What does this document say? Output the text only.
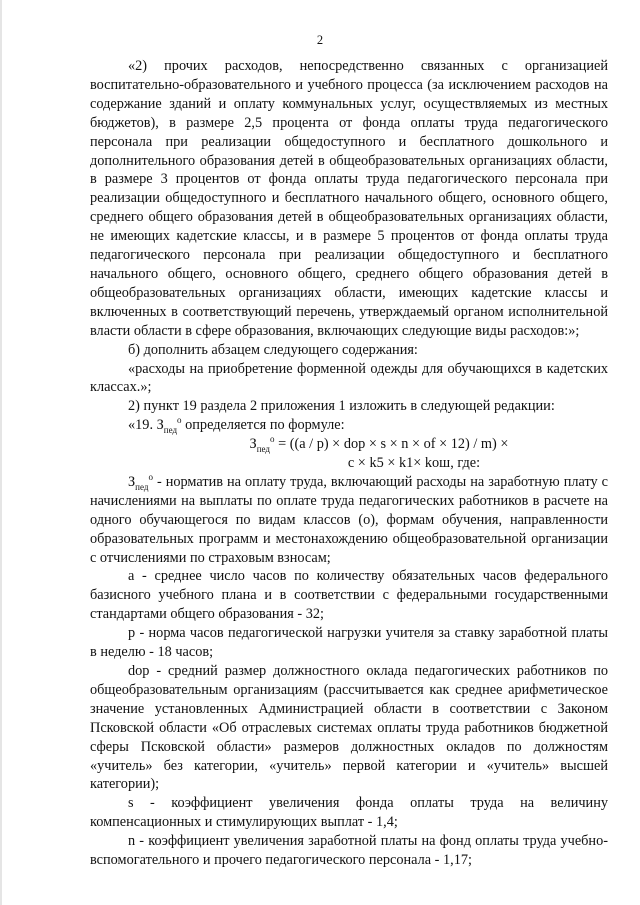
2

«2) прочих расходов, непосредственно связанных с организацией воспитательно-образовательного и учебного процесса (за исключением расходов на содержание зданий и оплату коммунальных услуг, осуществляемых из местных бюджетов), в размере 2,5 процента от фонда оплаты труда педагогического персонала при реализации общедоступного и бесплатного дошкольного и дополнительного образования детей в общеобразовательных организациях области, в размере 3 процентов от фонда оплаты труда педагогического персонала при реализации общедоступного и бесплатного начального общего, основного общего, среднего общего образования детей в общеобразовательных организациях области, не имеющих кадетские классы, и в размере 5 процентов от фонда оплаты труда педагогического персонала при реализации общедоступного и бесплатного начального общего, основного общего, среднего общего образования детей в общеобразовательных организациях области, имеющих кадетские классы и включенных в соответствующий перечень, утверждаемый органом исполнительной власти области в сфере образования, включающих следующие виды расходов:»;

б) дополнить абзацем следующего содержания:

«расходы на приобретение форменной одежды для обучающихся в кадетских классах.»;

2) пункт 19 раздела 2 приложения 1 изложить в следующей редакции:

«19. $З_{пед}^о$ определяется по формуле:

$З_{пед}^о = ((a / p)$ × dop × s × n × of × 12) / m) ×
c × k5 × k1× kош, где:

$З_{пед}^о$ - норматив на оплату труда, включающий расходы на заработную плату с начислениями на выплаты по оплате труда педагогических работников в расчете на одного обучающегося по видам классов (о), формам обучения, направленности образовательных программ и местонахождению общеобразовательной организации с отчислениями по страховым взносам;

а - среднее число часов по количеству обязательных часов федерального базисного учебного плана и в соответствии с федеральными государственными стандартами общего образования - 32;

р - норма часов педагогической нагрузки учителя за ставку заработной платы в неделю - 18 часов;

dop - средний размер должностного оклада педагогических работников по общеобразовательным организациям (рассчитывается как среднее арифметическое значение установленных Администрацией области в соответствии с Законом Псковской области «Об отраслевых системах оплаты труда работников бюджетной сферы Псковской области» размеров должностных окладов по должностям «учитель» без категории, «учитель» первой категории и «учитель» высшей категории);

s - коэффициент увеличения фонда оплаты труда на величину компенсационных и стимулирующих выплат - 1,4;

n - коэффициент увеличения заработной платы на фонд оплаты труда учебно-вспомогательного и прочего педагогического персонала - 1,17;
